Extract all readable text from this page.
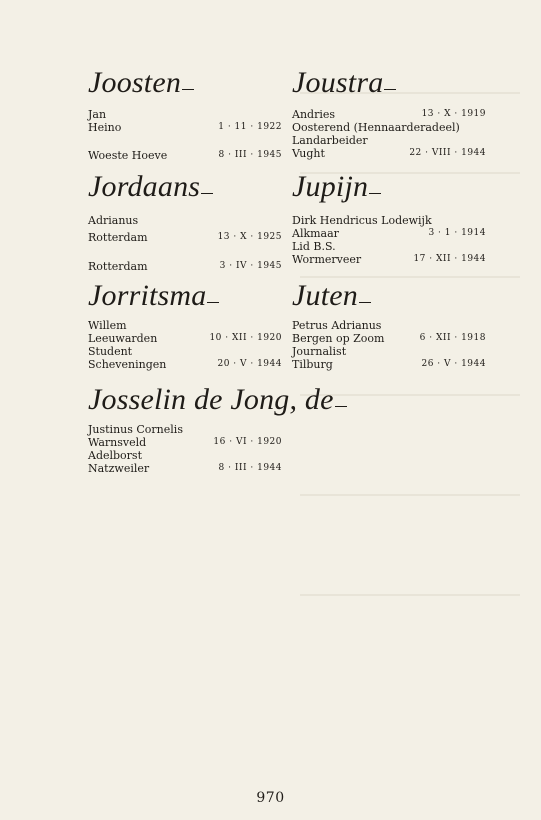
Joosten
Jan
Heino	1 · 11 · 1922
Woeste Hoeve	8 · III · 1945
Jordaans
Adrianus
Rotterdam	13 · X · 1925
Rotterdam	3 · IV · 1945
Jorritsma
Willem
Leeuwarden	10 · XII · 1920
Student
Scheveningen	20 · V · 1944
Josselin de Jong, de
Justinus Cornelis
Warnsveld	16 · VI · 1920
Adelborst
Natzweiler	8 · III · 1944
Joustra
Andries	13 · X · 1919
Oosterend (Hennaarderadeel)
Landarbeider
Vught	22 · VIII · 1944
Jupijn
Dirk Hendricus Lodewijk
Alkmaar	3 · 1 · 1914
Lid B.S.
Wormerveer	17 · XII · 1944
Juten
Petrus Adrianus
Bergen op Zoom	6 · XII · 1918
Journalist
Tilburg	26 · V · 1944
970
